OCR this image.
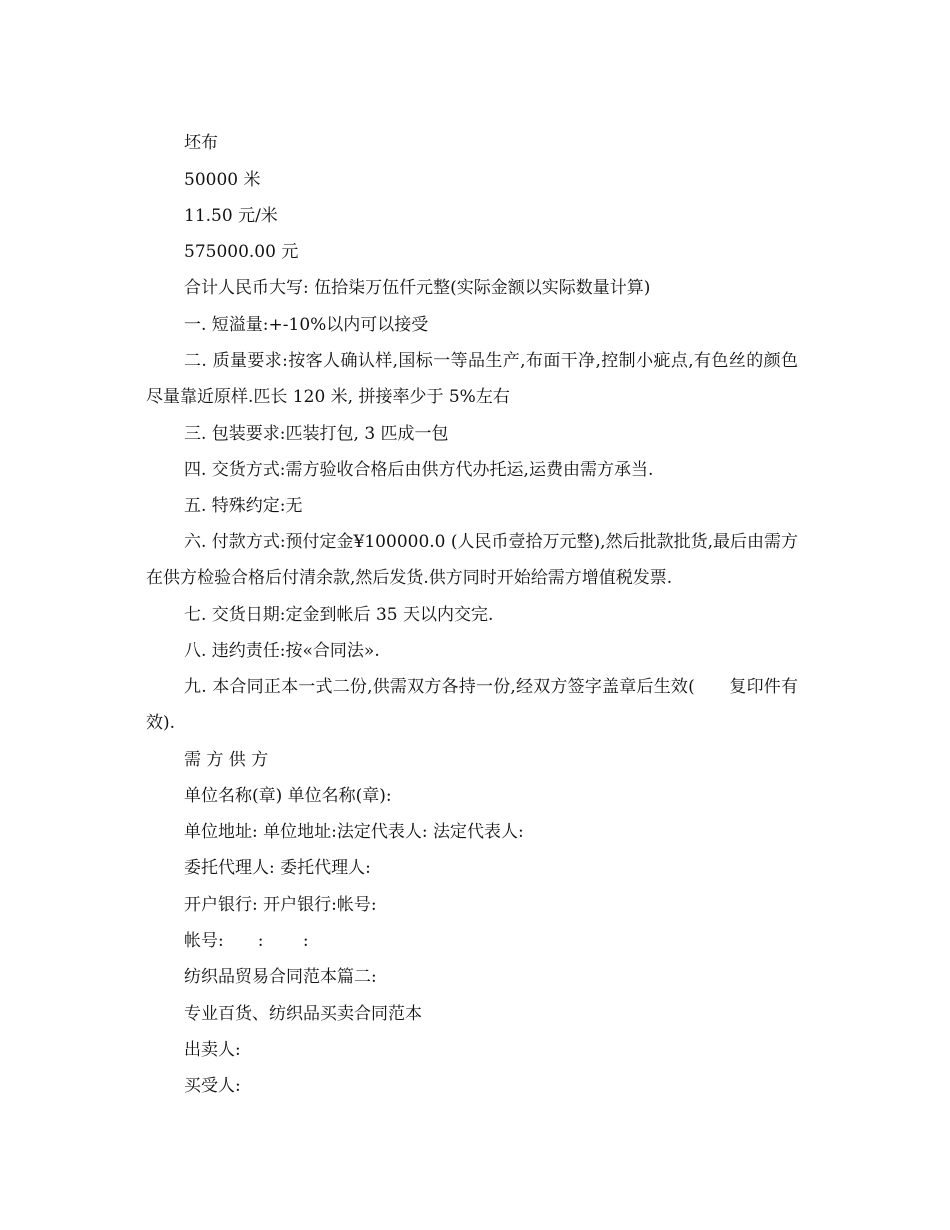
坯布
50000 米
11.50 元/米
575000.00 元
合计人民币大写: 伍拾柒万伍仟元整(实际金额以实际数量计算)
一. 短溢量:+-10%以内可以接受

二. 质量要求:按客人确认样,国标一等品生产,布面干净,控制小疵点,有色丝的颜色尽量靠近原样.匹长 120 米, 拼接率少于 5%左右

三. 包装要求:匹装打包, 3 匹成一包
四. 交货方式:需方验收合格后由供方代办托运,运费由需方承当.
五. 特殊约定:无

六. 付款方式:预付定金¥100000.0 (人民币壹拾万元整),然后批款批货,最后由需方在供方检验合格后付清余款,然后发货.供方同时开始给需方增值税发票.

七. 交货日期:定金到帐后 35 天以内交完.
八. 违约责任:按«合同法».

九. 本合同正本一式二份,供需双方各持一份,经双方签字盖章后生效(　　复印件有效).

需 方 供 方
单位名称(章) 单位名称(章):
单位地址: 单位地址:法定代表人: 法定代表人:
委托代理人: 委托代理人:
开户银行: 开户银行:帐号:
帐号:　　:　　 :
纺织品贸易合同范本篇二:
专业百货、纺织品买卖合同范本
出卖人:
买受人:
